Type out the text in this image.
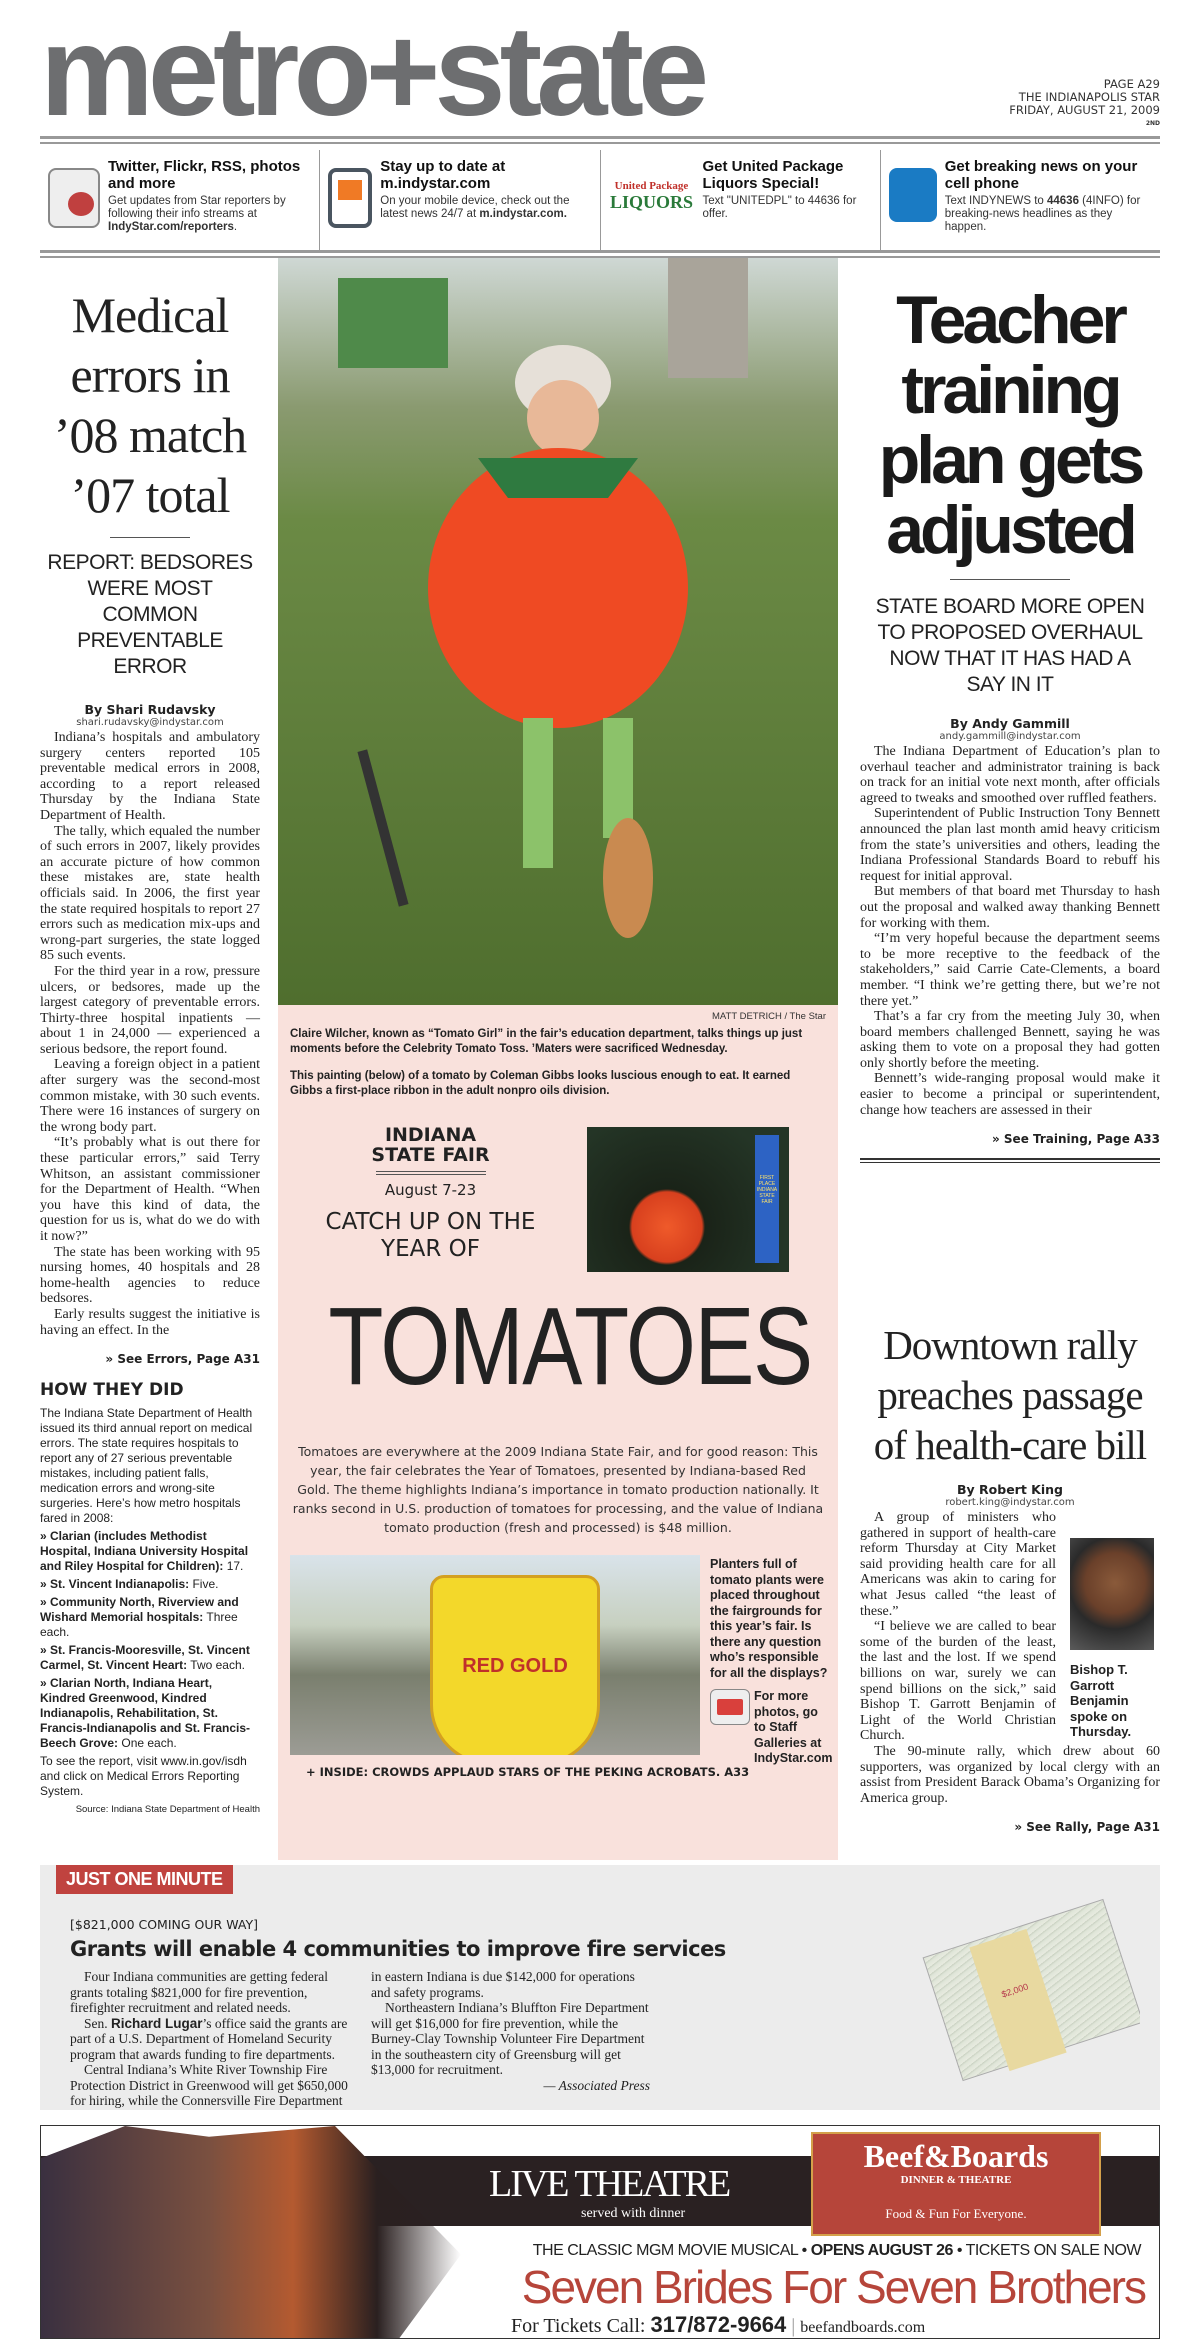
metro+state	PAGE A29
THE INDIANAPOLIS STAR
FRIDAY, AUGUST 21, 2009
2ND
Twitter, Flickr, RSS, photos and more
Get updates from Star reporters by following their info streams at IndyStar.com/reporters.
Stay up to date at m.indystar.com
On your mobile device, check out the latest news 24/7 at m.indystar.com.
United Package
LIQUORS
Get United Package Liquors Special!
Text "UNITEDPL" to 44636 for offer.
Get breaking news on your cell phone
Text INDYNEWS to 44636 (4INFO) for breaking-news headlines as they happen.
Medical errors in ’08 match ’07 total
REPORT: BEDSORES WERE MOST COMMON PREVENTABLE ERROR
By Shari Rudavsky
shari.rudavsky@indystar.com

Indiana’s hospitals and ambulatory surgery centers reported 105 preventable medical errors in 2008, according to a report released Thursday by the Indiana State Department of Health.

The tally, which equaled the number of such errors in 2007, likely provides an accurate picture of how common these mistakes are, state health officials said. In 2006, the first year the state required hospitals to report 27 errors such as medication mix-ups and wrong-part surgeries, the state logged 85 such events.

For the third year in a row, pressure ulcers, or bedsores, made up the largest category of preventable errors. Thirty-three hospital inpatients — about 1 in 24,000 — experienced a serious bedsore, the report found.

Leaving a foreign object in a patient after surgery was the second-most common mistake, with 30 such events. There were 16 instances of surgery on the wrong body part.

“It’s probably what is out there for these particular errors,” said Terry Whitson, an assistant commissioner for the Department of Health. “When you have this kind of data, the question for us is, what do we do with it now?”

The state has been working with 95 nursing homes, 40 hospitals and 28 home-health agencies to reduce bedsores.

Early results suggest the initiative is having an effect. In the

» See Errors, Page A31
HOW THEY DID

The Indiana State Department of Health issued its third annual report on medical errors. The state requires hospitals to report any of 27 serious preventable mistakes, including patient falls, medication errors and wrong-site surgeries. Here’s how metro hospitals fared in 2008:

» Clarian (includes Methodist Hospital, Indiana University Hospital and Riley Hospital for Children): 17.

» St. Vincent Indianapolis: Five.

» Community North, Riverview and Wishard Memorial hospitals: Three each.

» St. Francis-Mooresville, St. Vincent Carmel, St. Vincent Heart: Two each.

» Clarian North, Indiana Heart, Kindred Greenwood, Kindred Indianapolis, Rehabilitation, St. Francis-Indianapolis and St. Francis-Beech Grove: One each.

To see the report, visit www.in.gov/isdh and click on Medical Errors Reporting System.

Source: Indiana State Department of Health
MATT DETRICH / The Star
Claire Wilcher, known as “Tomato Girl” in the fair’s education department, talks things up just moments before the Celebrity Tomato Toss. ’Maters were sacrificed Wednesday.
This painting (below) of a tomato by Coleman Gibbs looks luscious enough to eat. It earned Gibbs a first-place ribbon in the adult nonpro oils division.
INDIANA STATE FAIR
August 7-23
CATCH UP ON THE YEAR OF
FIRST PLACE INDIANA STATE FAIR
TOMATOES
Tomatoes are everywhere at the 2009 Indiana State Fair, and for good reason: This year, the fair celebrates the Year of Tomatoes, presented by Indiana-based Red Gold. The theme highlights Indiana’s importance in tomato production nationally. It ranks second in U.S. production of tomatoes for processing, and the value of Indiana tomato production (fresh and processed) is $48 million.
RED GOLD
Planters full of tomato plants were placed throughout the fairgrounds for this year’s fair. Is there any question who’s responsible for all the displays?
For more photos, go to Staff Galleries at IndyStar.com
+ INSIDE: CROWDS APPLAUD STARS OF THE PEKING ACROBATS. A33
Teacher training plan gets adjusted
STATE BOARD MORE OPEN TO PROPOSED OVERHAUL NOW THAT IT HAS HAD A SAY IN IT
By Andy Gammill
andy.gammill@indystar.com

The Indiana Department of Education’s plan to overhaul teacher and administrator training is back on track for an initial vote next month, after officials agreed to tweaks and smoothed over ruffled feathers.

Superintendent of Public Instruction Tony Bennett announced the plan last month amid heavy criticism from the state’s universities and others, leading the Indiana Professional Standards Board to rebuff his request for initial approval.

But members of that board met Thursday to hash out the proposal and walked away thanking Bennett for working with them.

“I’m very hopeful because the department seems to be more receptive to the feedback of the stakeholders,” said Carrie Cate-Clements, a board member. “I think we’re getting there, but we’re not there yet.”

That’s a far cry from the meeting July 30, when board members challenged Bennett, saying he was asking them to vote on a proposal they had gotten only shortly before the meeting.

Bennett’s wide-ranging proposal would make it easier to become a principal or superintendent, change how teachers are assessed in their

» See Training, Page A33
Downtown rally preaches passage of health-care bill
By Robert King
robert.king@indystar.com
Bishop T. Garrott Benjamin spoke on Thursday.

A group of ministers who gathered in support of health-care reform Thursday at City Market said providing health care for all Americans was akin to caring for what Jesus called “the least of these.”

“I believe we are called to bear some of the burden of the least, the last and the lost. If we spend billions on war, surely we can spend billions on the sick,” said Bishop T. Garrott Benjamin of Light of the World Christian Church.

The 90-minute rally, which drew about 60 supporters, was organized by local clergy with an assist from President Barack Obama’s Organizing for America group.

» See Rally, Page A31
JUST ONE MINUTE
[$821,000 COMING OUR WAY]
Grants will enable 4 communities to improve fire services

Four Indiana communities are getting federal grants totaling $821,000 for fire prevention, firefighter recruitment and related needs.

Sen. Richard Lugar’s office said the grants are part of a U.S. Department of Homeland Security program that awards funding to fire departments.

Central Indiana’s White River Township Fire Protection District in Greenwood will get $650,000 for hiring, while the Connersville Fire Department in eastern Indiana is due $142,000 for operations and safety programs.

Northeastern Indiana’s Bluffton Fire Department will get $16,000 for fire prevention, while the Burney-Clay Township Volunteer Fire Department in the southeastern city of Greensburg will get $13,000 for recruitment.

— Associated Press
$2,000
LIVE THEATRE
served with dinner
Beef&Boards
DINNER & THEATRE
Food & Fun For Everyone.
THE CLASSIC MGM MOVIE MUSICAL • OPENS AUGUST 26 • TICKETS ON SALE NOW
Seven Brides For Seven Brothers
For Tickets Call: 317/872-9664 | beefandboards.com
